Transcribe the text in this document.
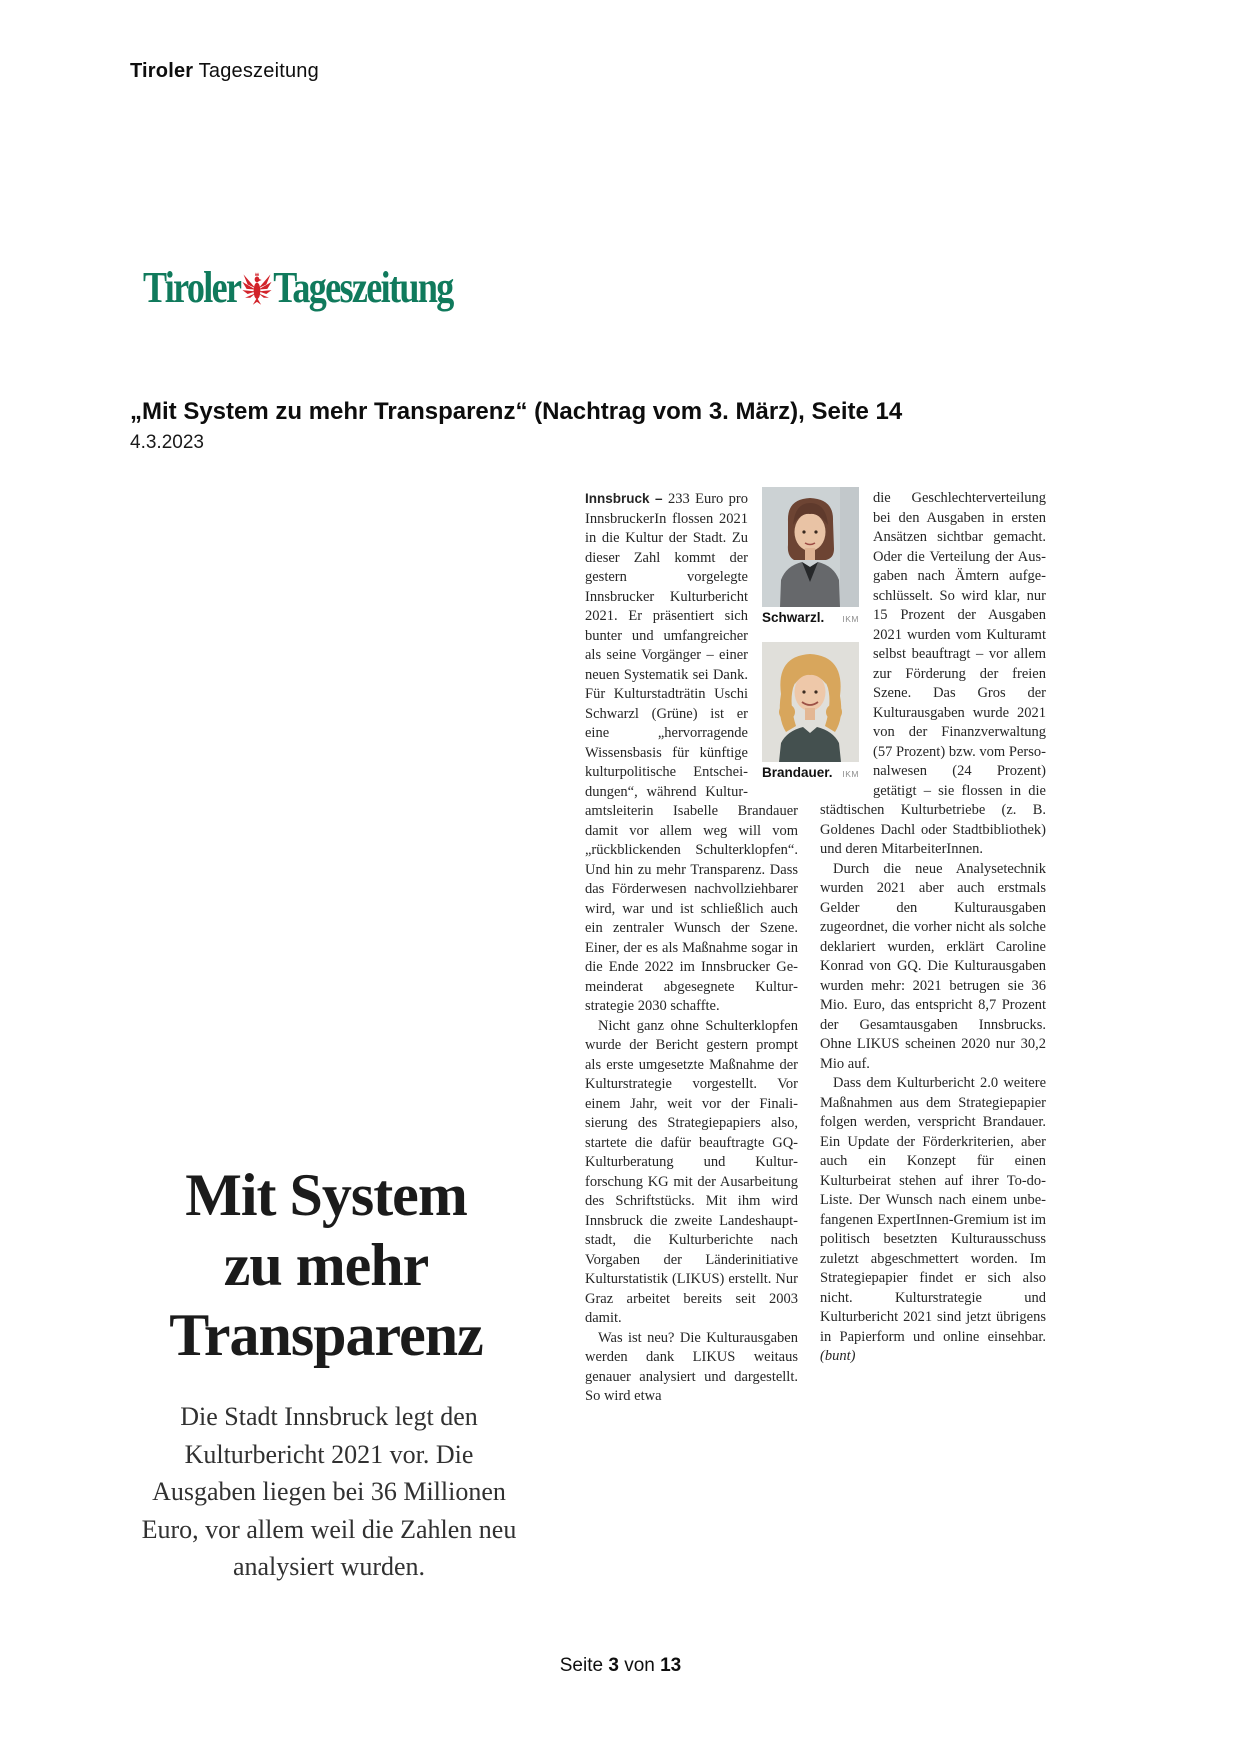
Tiroler Tageszeitung
Tiroler Tageszeitung
„Mit System zu mehr Transparenz“ (Nachtrag vom 3. März), Seite 14
4.3.2023
Mit System
zu mehr
Transparenz
Die Stadt Innsbruck legt den Kulturbericht 2021 vor. Die Ausgaben liegen bei 36 Millionen Euro, vor allem weil die Zahlen neu analysiert wurden.

Innsbruck – 233 Euro pro InnsbruckerIn flossen 2021 in die Kultur der Stadt. Zu dieser Zahl kommt der gestern vorgelegte Innsbrucker Kulturbericht 2021. Er präsentiert sich bunter und umfangreicher als seine Vorgänger – einer neuen Systematik sei Dank. Für Kulturstadträtin Uschi Schwarzl (Grüne) ist er eine „hervorragende Wissensbasis für künftige kulturpolitische Entscheidungen“, während Kulturamtsleiterin Isabelle Brandauer damit vor allem weg will vom „rückblickenden Schulterklopfen“. Und hin zu mehr Transparenz. Dass das Förderwesen nachvollziehbarer wird, war und ist schließlich auch ein zentraler Wunsch der Szene. Einer, der es als Maßnahme sogar in die Ende 2022 im Innsbrucker Gemeinderat abgesegnete Kulturstrategie 2030 schaffte.

Nicht ganz ohne Schulterklopfen wurde der Bericht gestern prompt als erste umgesetzte Maßnahme der Kulturstrategie vorgestellt. Vor einem Jahr, weit vor der Finalisierung des Strategiepapiers also, startete die dafür beauftragte GQ-Kulturberatung und Kulturforschung KG mit der Ausarbeitung des Schriftstücks. Mit ihm wird Innsbruck die zweite Landeshauptstadt, die Kulturberichte nach Vorgaben der Länderinitiative Kulturstatistik (LIKUS) erstellt. Nur Graz arbeitet bereits seit 2003 damit.

Was ist neu? Die Kulturausgaben werden dank LIKUS weitaus genauer analysiert und dargestellt. So wird etwa

Schwarzl. IKM
Brandauer. IKM

die Geschlechterverteilung bei den Ausgaben in ersten Ansätzen sichtbar gemacht. Oder die Verteilung der Ausgaben nach Ämtern aufgeschlüsselt. So wird klar, nur 15 Prozent der Ausgaben 2021 wurden vom Kulturamt selbst beauftragt – vor allem zur Förderung der freien Szene. Das Gros der Kulturausgaben wurde 2021 von der Finanzverwaltung (57 Prozent) bzw. vom Personalwesen (24 Prozent) getätigt – sie flossen in die städtischen Kulturbetriebe (z. B. Goldenes Dachl oder Stadtbibliothek) und deren MitarbeiterInnen.

Durch die neue Analysetechnik wurden 2021 aber auch erstmals Gelder den Kulturausgaben zugeordnet, die vorher nicht als solche deklariert wurden, erklärt Caroline Konrad von GQ. Die Kulturausgaben wurden mehr: 2021 betrugen sie 36 Mio. Euro, das entspricht 8,7 Prozent der Gesamtausgaben Innsbrucks. Ohne LIKUS scheinen 2020 nur 30,2 Mio auf.

Dass dem Kulturbericht 2.0 weitere Maßnahmen aus dem Strategiepapier folgen werden, verspricht Brandauer. Ein Update der Förderkriterien, aber auch ein Konzept für einen Kulturbeirat stehen auf ihrer To-do-Liste. Der Wunsch nach einem unbefangenen ExpertInnen-Gremium ist im politisch besetzten Kulturausschuss zuletzt abgeschmettert worden. Im Strategiepapier findet er sich also nicht. Kulturstrategie und Kulturbericht 2021 sind jetzt übrigens in Papierform und online einsehbar. (bunt)

Seite 3 von 13
